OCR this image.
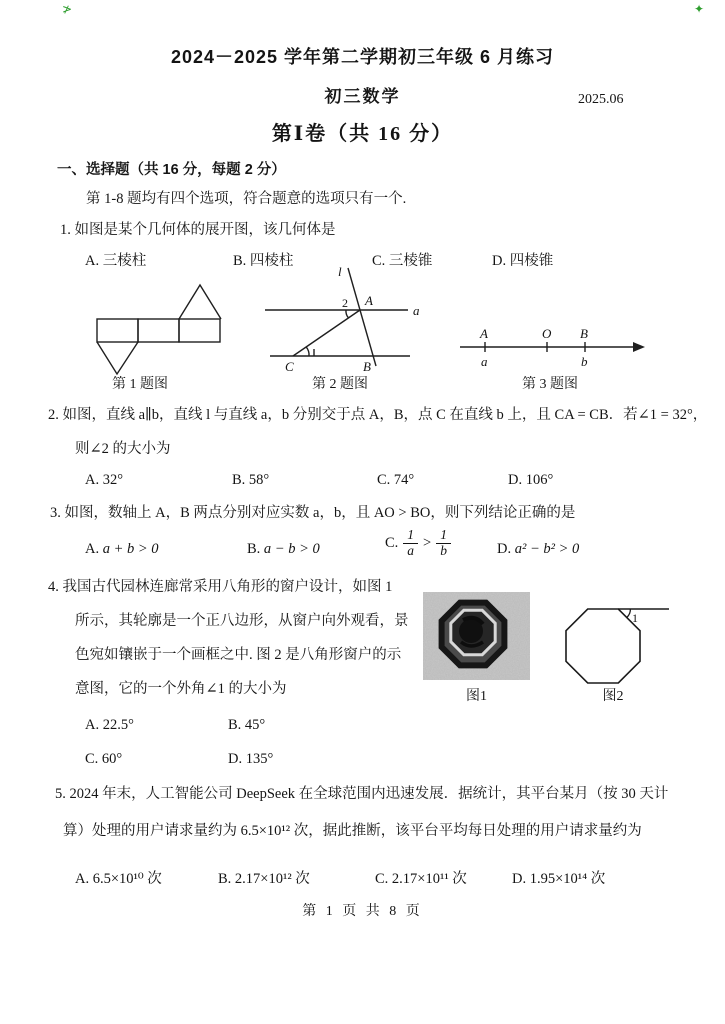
≯	✦
2024－2025 学年第二学期初三年级 6 月练习
初三数学	2025.06
第Ⅰ卷（共 16 分）
一、选择题（共 16 分，每题 2 分）
第 1-8 题均有四个选项，符合题意的选项只有一个.
1. 如图是某个几何体的展开图，该几何体是
A. 三棱柱	B. 四棱柱	C. 三棱锥	D. 四棱锥
第 1 题图
l
2 A
a
C	B
第 2 题图
A	O B
a	b
第 3 题图
2. 如图，直线 a∥b，直线 l 与直线 a，b 分别交于点 A，B，点 C 在直线 b 上，且 CA = CB．若∠1 = 32°，
则∠2 的大小为
A. 32°	B. 58°	C. 74°	D. 106°
3. 如图，数轴上 A，B 两点分别对应实数 a，b，且 AO > BO，则下列结论正确的是
A. a + b > 0	B. a − b > 0	C. $\frac{1}{a} > \frac{1}{b}$	D. a² − b² > 0
4. 我国古代园林连廊常采用八角形的窗户设计，如图 1
所示，其轮廓是一个正八边形，从窗户向外观看，景
色宛如镶嵌于一个画框之中. 图 2 是八角形窗户的示
意图，它的一个外角∠1 的大小为	图1
1
图2
A. 22.5°	B. 45°
C. 60°	D. 135°
5. 2024 年末，人工智能公司 DeepSeek 在全球范围内迅速发展．据统计，其平台某月（按 30 天计
算）处理的用户请求量约为 6.5×10¹² 次，据此推断，该平台平均每日处理的用户请求量约为
A. 6.5×10¹⁰ 次	B. 2.17×10¹² 次	C. 2.17×10¹¹ 次	D. 1.95×10¹⁴ 次
第 1 页 共 8 页
